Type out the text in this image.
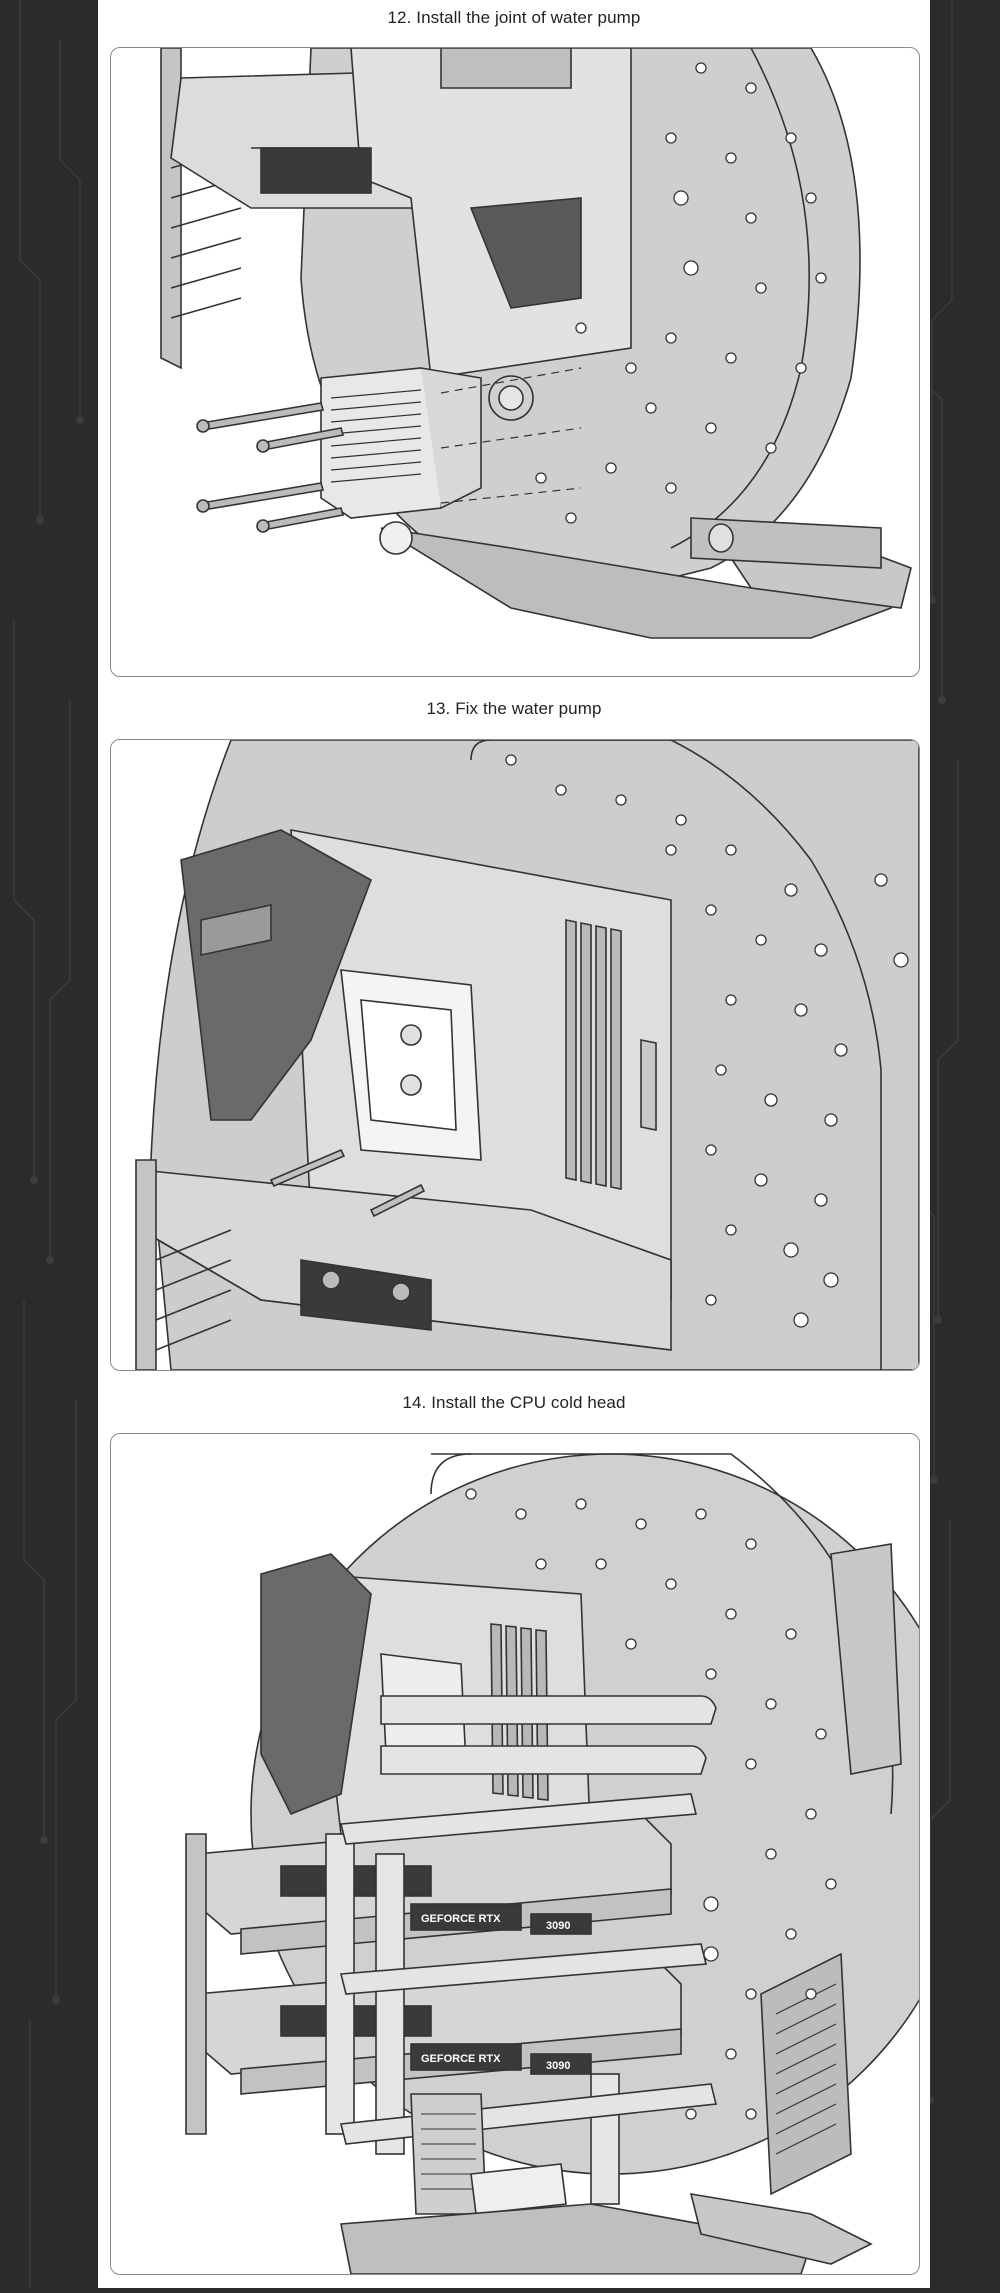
12. Install the joint of water pump
13. Fix the water pump
14. Install the CPU cold head
GEFORCE RTX
3090
GEFORCE RTX
3090
